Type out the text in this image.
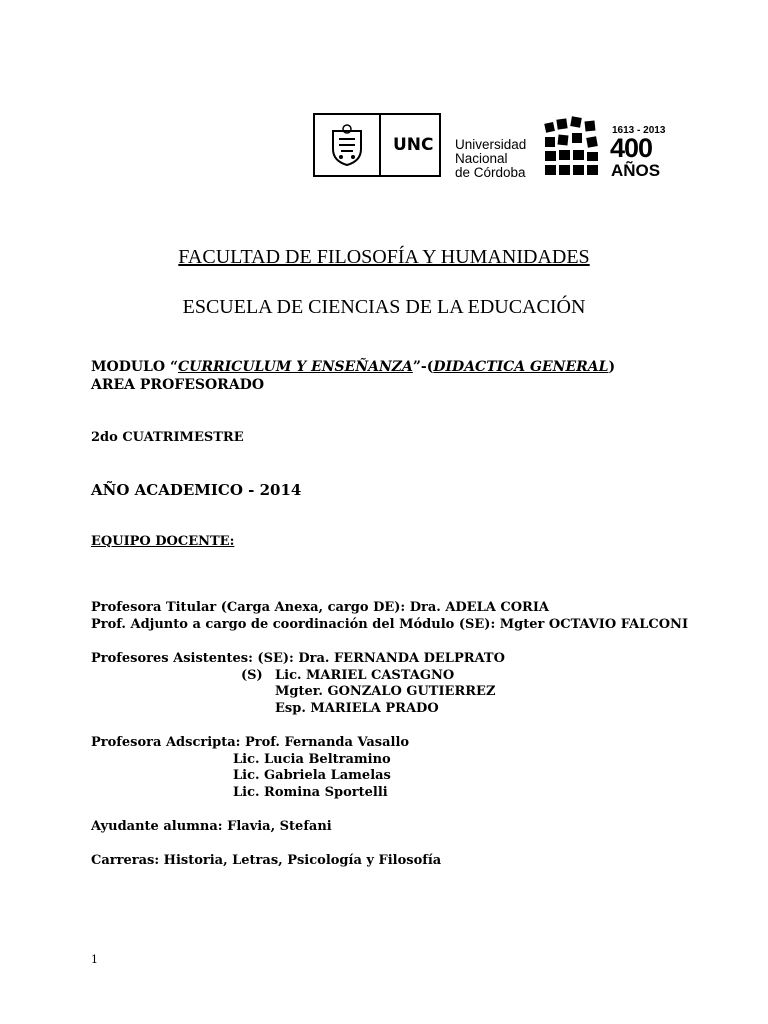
UNC Universidad
Nacional
de Córdoba
1613 - 2013
400
AÑOS
FACULTAD DE FILOSOFÍA Y HUMANIDADES
ESCUELA DE CIENCIAS DE LA EDUCACIÓN
MODULO “CURRICULUM Y ENSEÑANZA”-(DIDACTICA GENERAL)
AREA PROFESORADO
2do CUATRIMESTRE
AÑO ACADEMICO - 2014
EQUIPO DOCENTE:
Profesora Titular (Carga Anexa, cargo DE): Dra. ADELA CORIA
Prof. Adjunto a cargo de coordinación del Módulo (SE): Mgter OCTAVIO FALCONI
Profesores Asistentes: (SE): Dra. FERNANDA DELPRATO
(S) Lic. MARIEL CASTAGNO
Mgter. GONZALO GUTIERREZ
Esp. MARIELA PRADO
Profesora Adscripta: Prof. Fernanda Vasallo
Lic. Lucia Beltramino
Lic. Gabriela Lamelas
Lic. Romina Sportelli
Ayudante alumna: Flavia, Stefani
Carreras: Historia, Letras, Psicología y Filosofía
1
